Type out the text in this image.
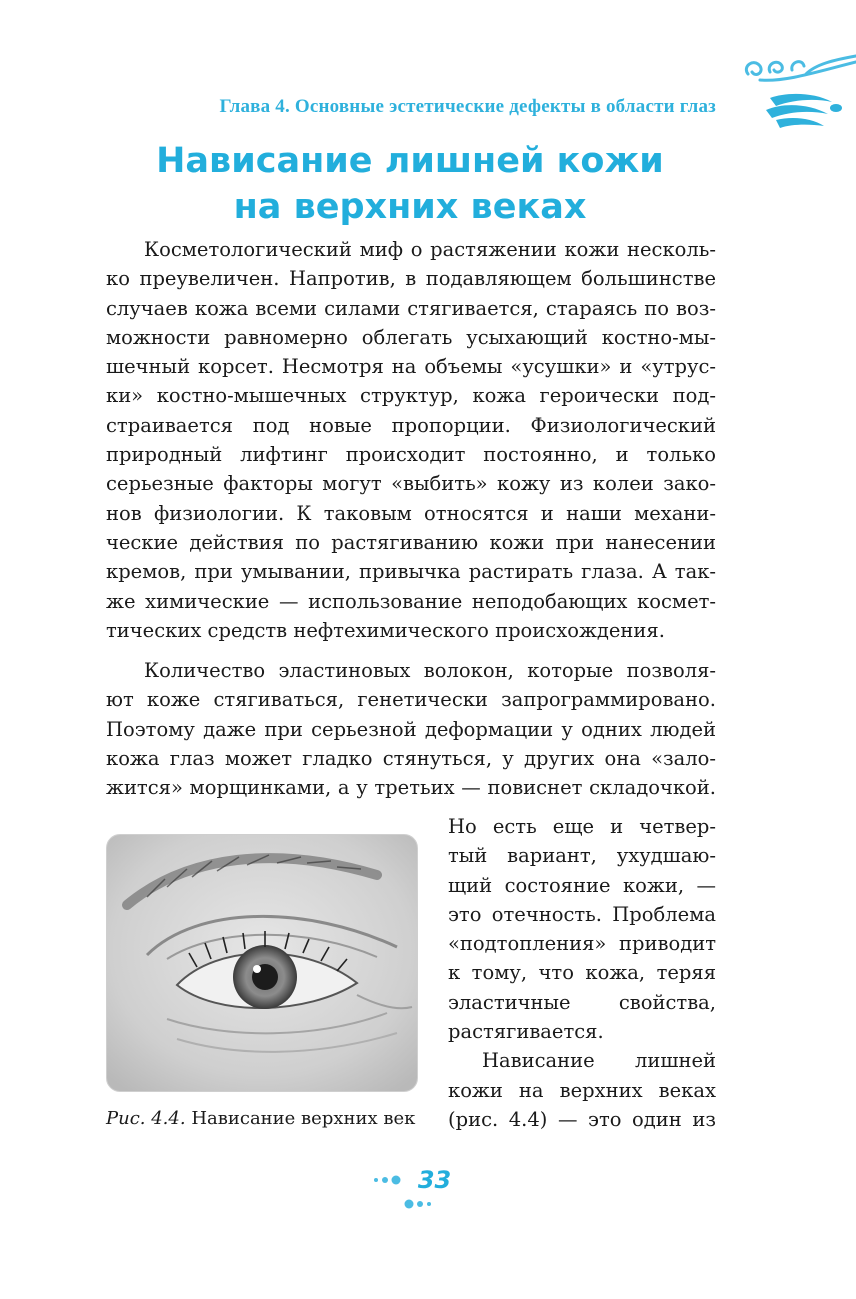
Глава 4. Основные эстетические дефекты в области глаз
Нависание лишней кожи
на верхних веках
Косметологический миф о растяжении кожи несколь-
ко преувеличен. Напротив, в подавляющем большинстве
случаев кожа всеми силами стягивается, стараясь по воз-
можности равномерно облегать усыхающий костно-мы-
шечный корсет. Несмотря на объемы «усушки» и «утрус-
ки» костно-мышечных структур, кожа героически под-
страивается под новые пропорции. Физиологический
природный лифтинг происходит постоянно, и только
серьезные факторы могут «выбить» кожу из колеи зако-
нов физиологии. К таковым относятся и наши механи-
ческие действия по растягиванию кожи при нанесении
кремов, при умывании, привычка растирать глаза. А так-
же химические — использование неподобающих космет-
тических средств нефтехимического происхождения.
Количество эластиновых волокон, которые позволя-
ют коже стягиваться, генетически запрограммировано.
Поэтому даже при серьезной деформации у одних людей
кожа глаз может гладко стянуться, у других она «зало-
жится» морщинками, а у третьих — повиснет складочкой.
Рис. 4.4. Нависание верхних век
Но есть еще и четвер-
тый вариант, ухудшаю-
щий состояние кожи, —
это отечность. Проблема
«подтопления» приводит
к тому, что кожа, теряя
эластичные свойства,
растягивается.
Нависание лишней
кожи на верхних веках
(рис. 4.4) — это один из
33
